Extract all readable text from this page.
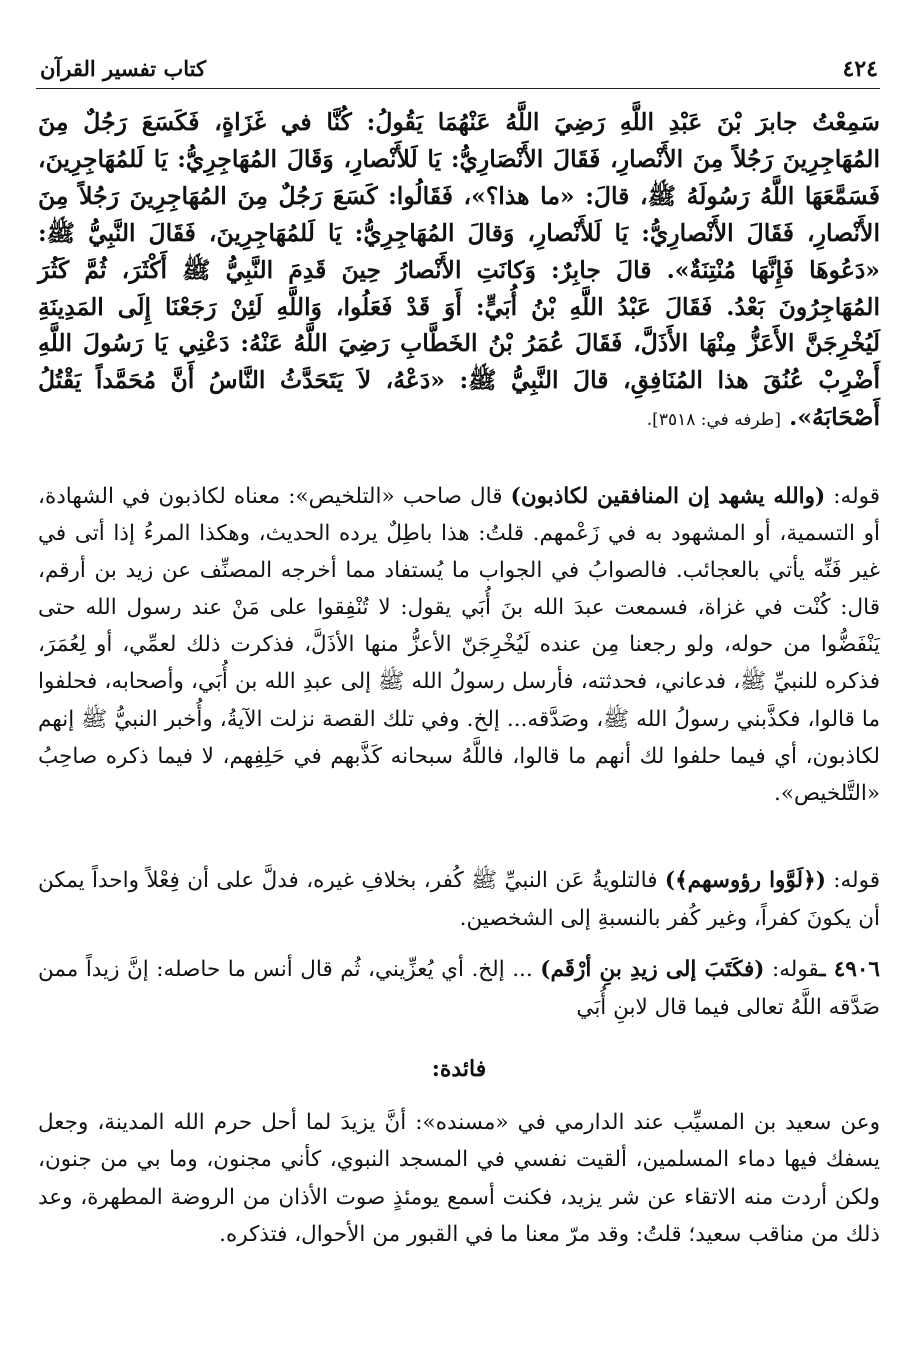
٤٢٤
كتاب تفسير القرآن

سَمِعْتُ جابرَ بْنَ عَبْدِ اللَّهِ رَضِيَ اللَّهُ عَنْهُمَا يَقُولُ: كُنَّا في غَزَاةٍ، فَكَسَعَ رَجُلٌ مِنَ المُهَاجِرِينَ رَجُلاً مِنَ الأَنْصارِ، فَقَالَ الأَنْصَارِيُّ: يَا لَلأَنْصارِ، وَقَالَ المُهَاجِرِيُّ: يَا لَلمُهَاجِرِينَ، فَسَمَّعَهَا اللَّهُ رَسُولَهُ ﷺ، قالَ: «ما هذا؟»، فَقَالُوا: كَسَعَ رَجُلٌ مِنَ المُهَاجِرِينَ رَجُلاً مِنَ الأَنْصارِ، فَقَالَ الأَنْصارِيُّ: يَا لَلأَنْصارِ، وَقالَ المُهَاجِرِيُّ: يَا لَلمُهَاجِرِينَ، فَقَالَ النَّبِيُّ ﷺ: «دَعُوهَا فَإِنَّهَا مُنْتِنَةٌ». قالَ جابِرٌ: وَكانَتِ الأَنْصارُ حِينَ قَدِمَ النَّبِيُّ ﷺ أَكْثَرَ، ثُمَّ كَثُرَ المُهَاجِرُونَ بَعْدُ. فَقَالَ عَبْدُ اللَّهِ بْنُ أُبَيٍّ: أَوَ قَدْ فَعَلُوا، وَاللَّهِ لَئِنْ رَجَعْنَا إِلَى المَدِينَةِ لَيُخْرِجَنَّ الأَعَزُّ مِنْهَا الأَذَلَّ، فَقَالَ عُمَرُ بْنُ الخَطَّابِ رَضِيَ اللَّهُ عَنْهُ: دَعْنِي يَا رَسُولَ اللَّهِ أَضْرِبْ عُنُقَ هذا المُنَافِقِ، قالَ النَّبِيُّ ﷺ: «دَعْهُ، لاَ يَتَحَدَّثُ النَّاسُ أَنَّ مُحَمَّداً يَقْتُلُ أَصْحَابَهُ». [طرفه في: ٣٥١٨].

قوله: (والله يشهد إن المنافقين لكاذبون) قال صاحب «التلخيص»: معناه لكاذبون في الشهادة، أو التسمية، أو المشهود به في زَعْمهم. قلتُ: هذا باطِلٌ يرده الحديث، وهكذا المرءُ إذا أتى في غير فَنِّه يأتي بالعجائب. فالصوابُ في الجواب ما يُستفاد مما أخرجه المصنِّف عن زيد بن أرقم، قال: كُنْت في غزاة، فسمعت عبدَ الله بنَ أُبَي يقول: لا تُنْفِقوا على مَنْ عند رسول الله حتى يَنْفَضُّوا من حوله، ولو رجعنا مِن عنده لَيُخْرِجَنّ الأعزُّ منها الأذَلَّ، فذكرت ذلك لعمِّي، أو لِعُمَرَ، فذكره للنبيِّ ﷺ، فدعاني، فحدثته، فأرسل رسولُ الله ﷺ إلى عبدِ الله بن أُبَي، وأصحابه، فحلفوا ما قالوا، فكذَّبني رسولُ الله ﷺ، وصَدَّقه... إلخ. وفي تلك القصة نزلت الآيةُ، وأُخبر النبيُّ ﷺ إنهم لكاذبون، أي فيما حلفوا لك أنهم ما قالوا، فاللَّهُ سبحانه كَذَّبهم في حَلِفِهم، لا فيما ذكره صاحِبُ «التَّلخيص».

قوله: (﴿لَوَّوا رؤوسهم﴾) فالتلويةُ عَن النبيِّ ﷺ كُفر، بخلافِ غيره، فدلَّ على أن فِعْلاً واحداً يمكن أن يكونَ كفراً، وغير كُفر بالنسبةِ إلى الشخصين.

٤٩٠٦ ـقوله: (فكَتَبَ إلى زيدِ بنِ أرْقَم) ... إلخ. أي يُعزِّيني، ثُم قال أنس ما حاصله: إنَّ زيداً ممن صَدَّقه اللَّهُ تعالى فيما قال لابنِ أُبَي

فائدة:

وعن سعيد بن المسيِّب عند الدارمي في «مسنده»: أنَّ يزيدَ لما أحل حرم الله المدينة، وجعل يسفك فيها دماء المسلمين، ألقيت نفسي في المسجد النبوي، كأني مجنون، وما بي من جنون، ولكن أردت منه الاتقاء عن شر يزيد، فكنت أسمع يومئذٍ صوت الأذان من الروضة المطهرة، وعد ذلك من مناقب سعيد؛ قلتُ: وقد مرّ معنا ما في القبور من الأحوال، فتذكره.
